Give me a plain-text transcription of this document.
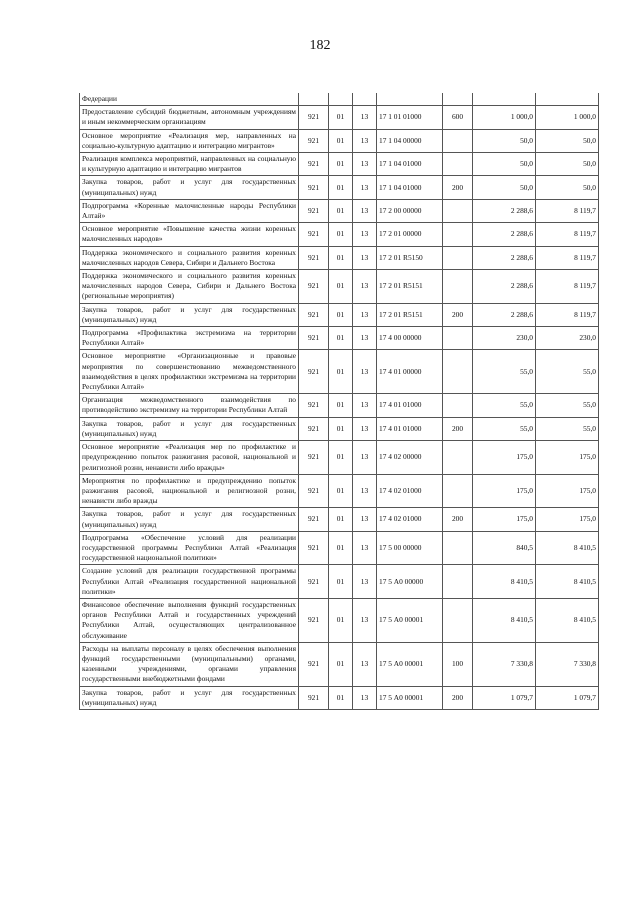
182
Федерации							
Предоставление субсидий бюджетным, автономным учреждениям и иным некоммерческим организациям	921	01	13	17 1 01 01000	600	1 000,0	1 000,0
Основное мероприятие «Реализация мер, направленных на социально-культурную адаптацию и интеграцию мигрантов»	921	01	13	17 1 04 00000		50,0	50,0
Реализация комплекса мероприятий, направленных на социальную и культурную адаптацию и интеграцию мигрантов	921	01	13	17 1 04 01000		50,0	50,0
Закупка товаров, работ и услуг для государственных (муниципальных) нужд	921	01	13	17 1 04 01000	200	50,0	50,0
Подпрограмма «Коренные малочисленные народы Республики Алтай»	921	01	13	17 2 00 00000		2 288,6	8 119,7
Основное мероприятие «Повышение качества жизни коренных малочисленных народов»	921	01	13	17 2 01 00000		2 288,6	8 119,7
Поддержка экономического и социального развития коренных малочисленных народов Севера, Сибири и Дальнего Востока	921	01	13	17 2 01 R5150		2 288,6	8 119,7
Поддержка экономического и социального развития коренных малочисленных народов Севера, Сибири и Дальнего Востока (региональные мероприятия)	921	01	13	17 2 01 R5151		2 288,6	8 119,7
Закупка товаров, работ и услуг для государственных (муниципальных) нужд	921	01	13	17 2 01 R5151	200	2 288,6	8 119,7
Подпрограмма «Профилактика экстремизма на территории Республики Алтай»	921	01	13	17 4 00 00000		230,0	230,0
Основное мероприятие «Организационные и правовые мероприятия по совершенствованию межведомственного взаимодействия в целях профилактики экстремизма на территории Республики Алтай»	921	01	13	17 4 01 00000		55,0	55,0
Организация межведомственного взаимодействия по противодействию экстремизму на территории Республики Алтай	921	01	13	17 4 01 01000		55,0	55,0
Закупка товаров, работ и услуг для государственных (муниципальных) нужд	921	01	13	17 4 01 01000	200	55,0	55,0
Основное мероприятие «Реализация мер по профилактике и предупреждению попыток разжигания расовой, национальной и религиозной розни, ненависти либо вражды»	921	01	13	17 4 02 00000		175,0	175,0
Мероприятия по профилактике и предупреждению попыток разжигания расовой, национальной и религиозной розни, ненависти либо вражды	921	01	13	17 4 02 01000		175,0	175,0
Закупка товаров, работ и услуг для государственных (муниципальных) нужд	921	01	13	17 4 02 01000	200	175,0	175,0
Подпрограмма «Обеспечение условий для реализации государственной программы Республики Алтай «Реализация государственной национальной политики»	921	01	13	17 5 00 00000		840,5	8 410,5
Создание условий для реализации государственной программы Республики Алтай «Реализация государственной национальной политики»	921	01	13	17 5 А0 00000		8 410,5	8 410,5
Финансовое обеспечение выполнения функций государственных органов Республики Алтай и государственных учреждений Республики Алтай, осуществляющих централизованное обслуживание	921	01	13	17 5 А0 00001		8 410,5	8 410,5
Расходы на выплаты персоналу в целях обеспечения выполнения функций государственными (муниципальными) органами, казенными учреждениями, органами управления государственными внебюджетными фондами	921	01	13	17 5 А0 00001	100	7 330,8	7 330,8
Закупка товаров, работ и услуг для государственных (муниципальных) нужд	921	01	13	17 5 А0 00001	200	1 079,7	1 079,7
